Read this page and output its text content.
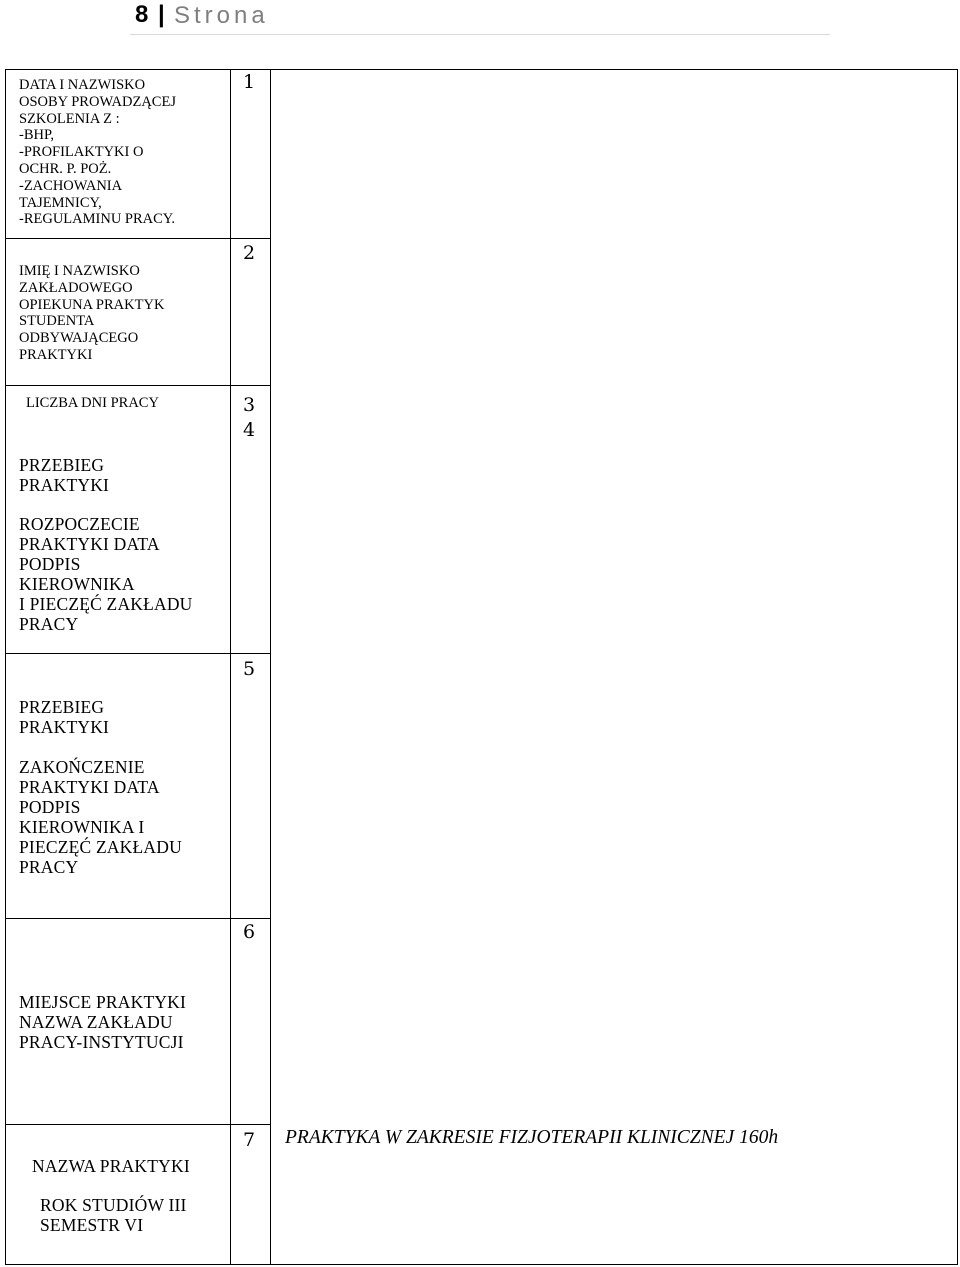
8 | Strona
DATA I NAZWISKO
OSOBY PROWADZĄCEJ
SZKOLENIA Z :
-BHP,
-PROFILAKTYKI O
OCHR. P. POŻ.
-ZACHOWANIA
TAJEMNICY,
-REGULAMINU PRACY.
1
IMIĘ I NAZWISKO
ZAKŁADOWEGO
OPIEKUNA PRAKTYK
STUDENTA
ODBYWAJĄCEGO
PRAKTYKI
2
LICZBA DNI PRACY	3
PRZEBIEG
PRAKTYKI
ROZPOCZECIE
PRAKTYKI DATA
PODPIS
KIEROWNIKA
I PIECZĘĆ ZAKŁADU
PRACY
4
PRZEBIEG
PRAKTYKI
ZAKOŃCZENIE
PRAKTYKI DATA
PODPIS
KIEROWNIKA I
PIECZĘĆ ZAKŁADU
PRACY
5
MIEJSCE PRAKTYKI
NAZWA ZAKŁADU
PRACY-INSTYTUCJI
6
NAZWA PRAKTYKI
ROK STUDIÓW III
SEMESTR VI
7 PRAKTYKA W ZAKRESIE FIZJOTERAPII KLINICZNEJ 160h
